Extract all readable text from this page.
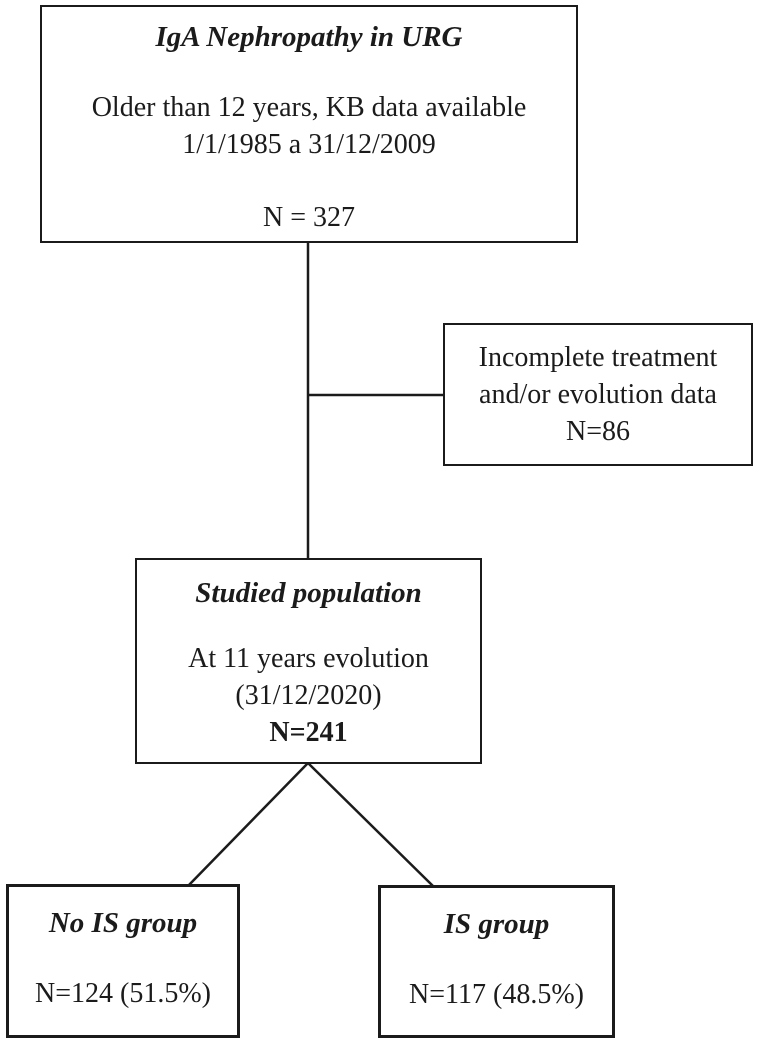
IgA Nephropathy in URG
Older than 12 years, KB data available
1/1/1985 a 31/12/2009
N = 327
Incomplete treatment
and/or evolution data
N=86
Studied population
At 11 years evolution
(31/12/2020)
N=241
No IS group
N=124 (51.5%)
IS group
N=117 (48.5%)
